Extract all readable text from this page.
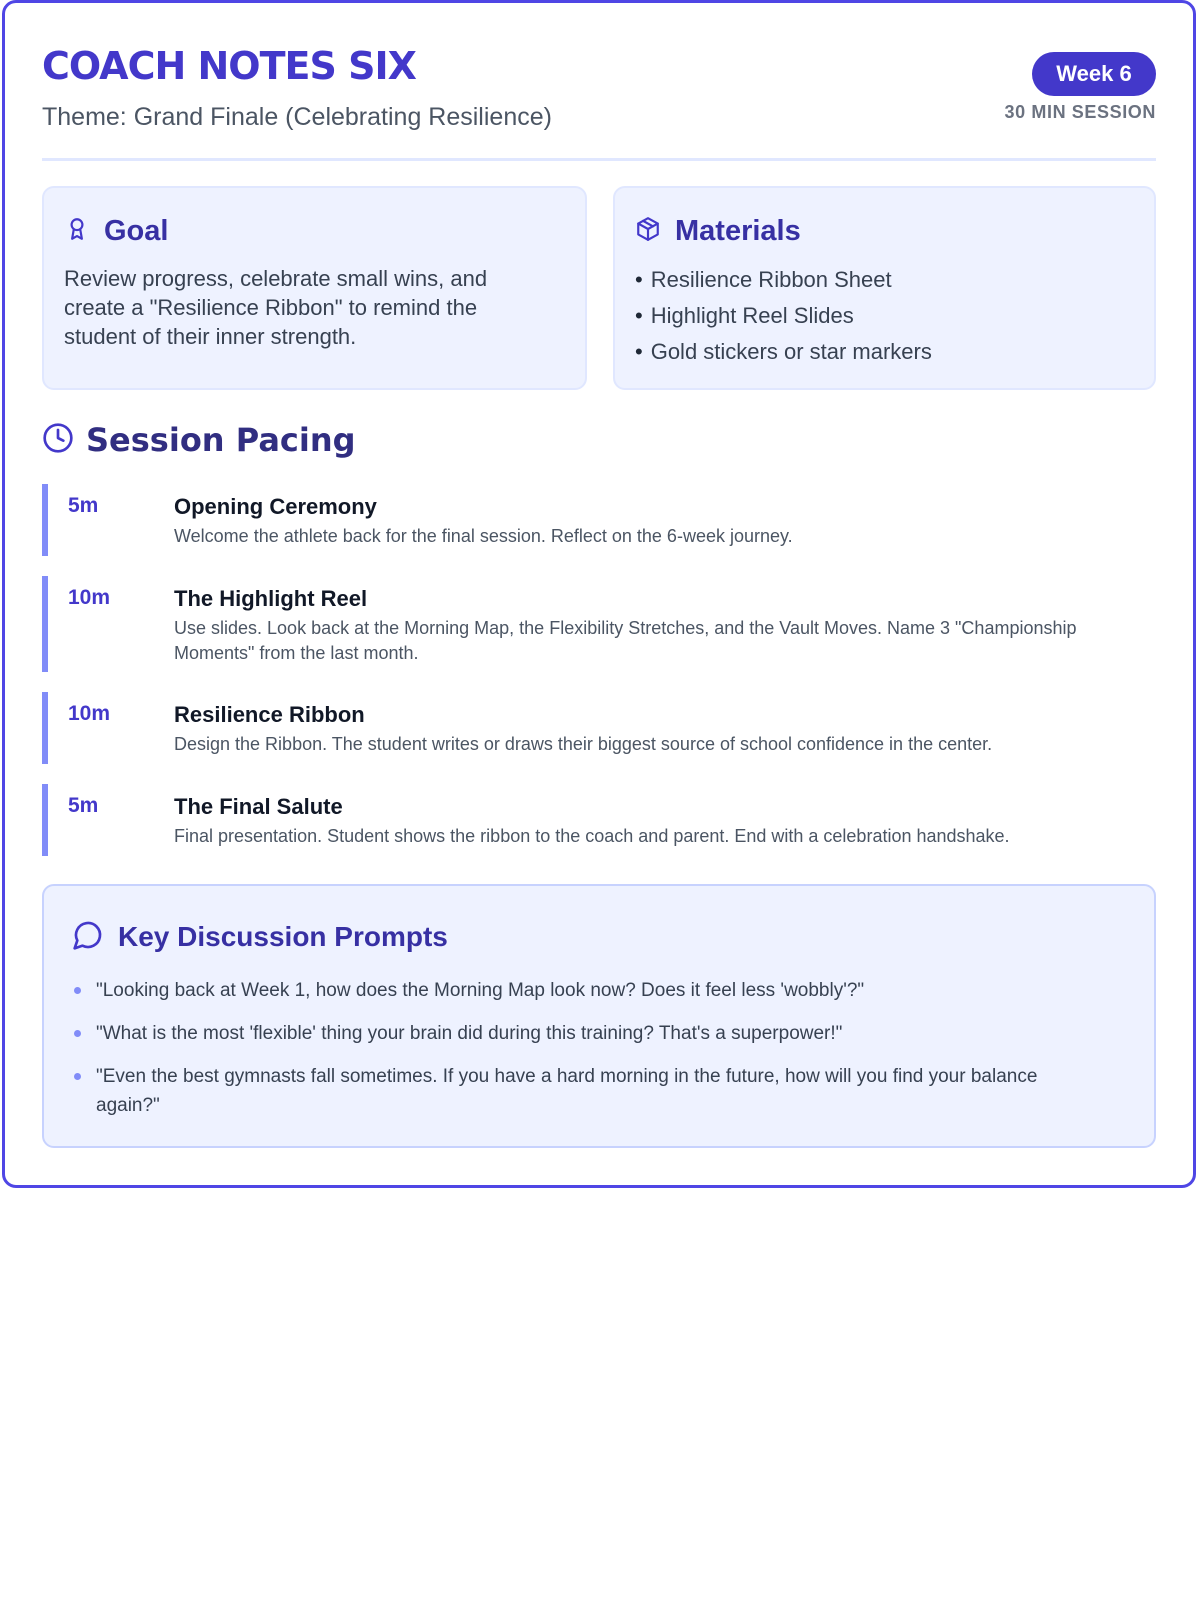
COACH NOTES SIX
Theme: Grand Finale (Celebrating Resilience)
Week 6
30 MIN SESSION
Goal
Review progress, celebrate small wins, and create a "Resilience Ribbon" to remind the student of their inner strength.
Materials
• Resilience Ribbon Sheet
• Highlight Reel Slides
• Gold stickers or star markers
Session Pacing
5m	Opening Ceremony
Welcome the athlete back for the final session. Reflect on the 6-week journey.
10m	The Highlight Reel
Use slides. Look back at the Morning Map, the Flexibility Stretches, and the Vault Moves. Name 3 "Championship Moments" from the last month.
10m	Resilience Ribbon
Design the Ribbon. The student writes or draws their biggest source of school confidence in the center.
5m	The Final Salute
Final presentation. Student shows the ribbon to the coach and parent. End with a celebration handshake.
Key Discussion Prompts
"Looking back at Week 1, how does the Morning Map look now? Does it feel less 'wobbly'?"
"What is the most 'flexible' thing your brain did during this training? That's a superpower!"
"Even the best gymnasts fall sometimes. If you have a hard morning in the future, how will you find your balance again?"
